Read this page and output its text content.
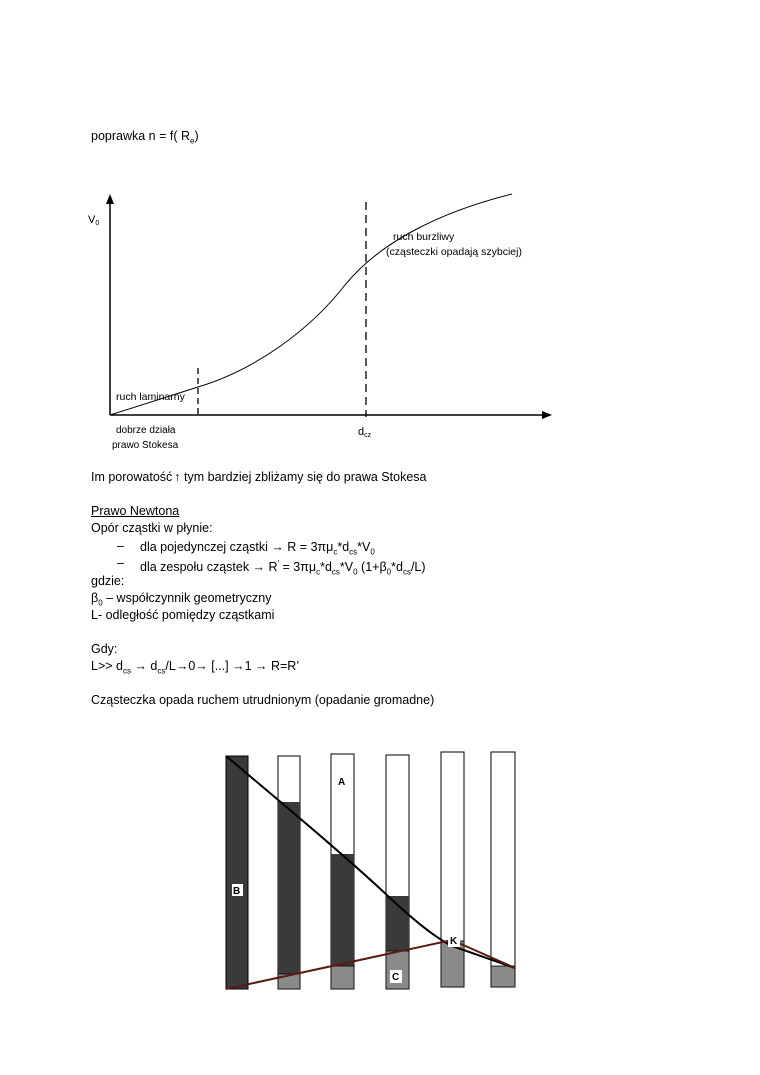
poprawka n = f( $R_e$)
V0
ruch burzliwy
(cząsteczki opadają szybciej)
ruch laminarny
dobrze działa
prawo Stokesa
dcz
Im porowatość ↑ tym bardziej zbliżamy się do prawa Stokesa
Prawo Newtona
Opór cząstki w płynie:
– dla pojedynczej cząstki → $R = 3\pi\mu_c*d_{cs}*V_0$
– dla zespołu cząstek → $R' = 3\pi\mu_c*d_{cs}*V_0$ $(1+\beta_0*d_{cs}/L)$
gdzie:
$\beta_0$ – współczynnik geometryczny
L- odległość pomiędzy cząstkami
Gdy:
$L>> d_{cs} \to d_{cs}/L\to 0\to$ [...] →1 → R=R’
Cząsteczka opada ruchem utrudnionym (opadanie gromadne)
B
A
C
K
